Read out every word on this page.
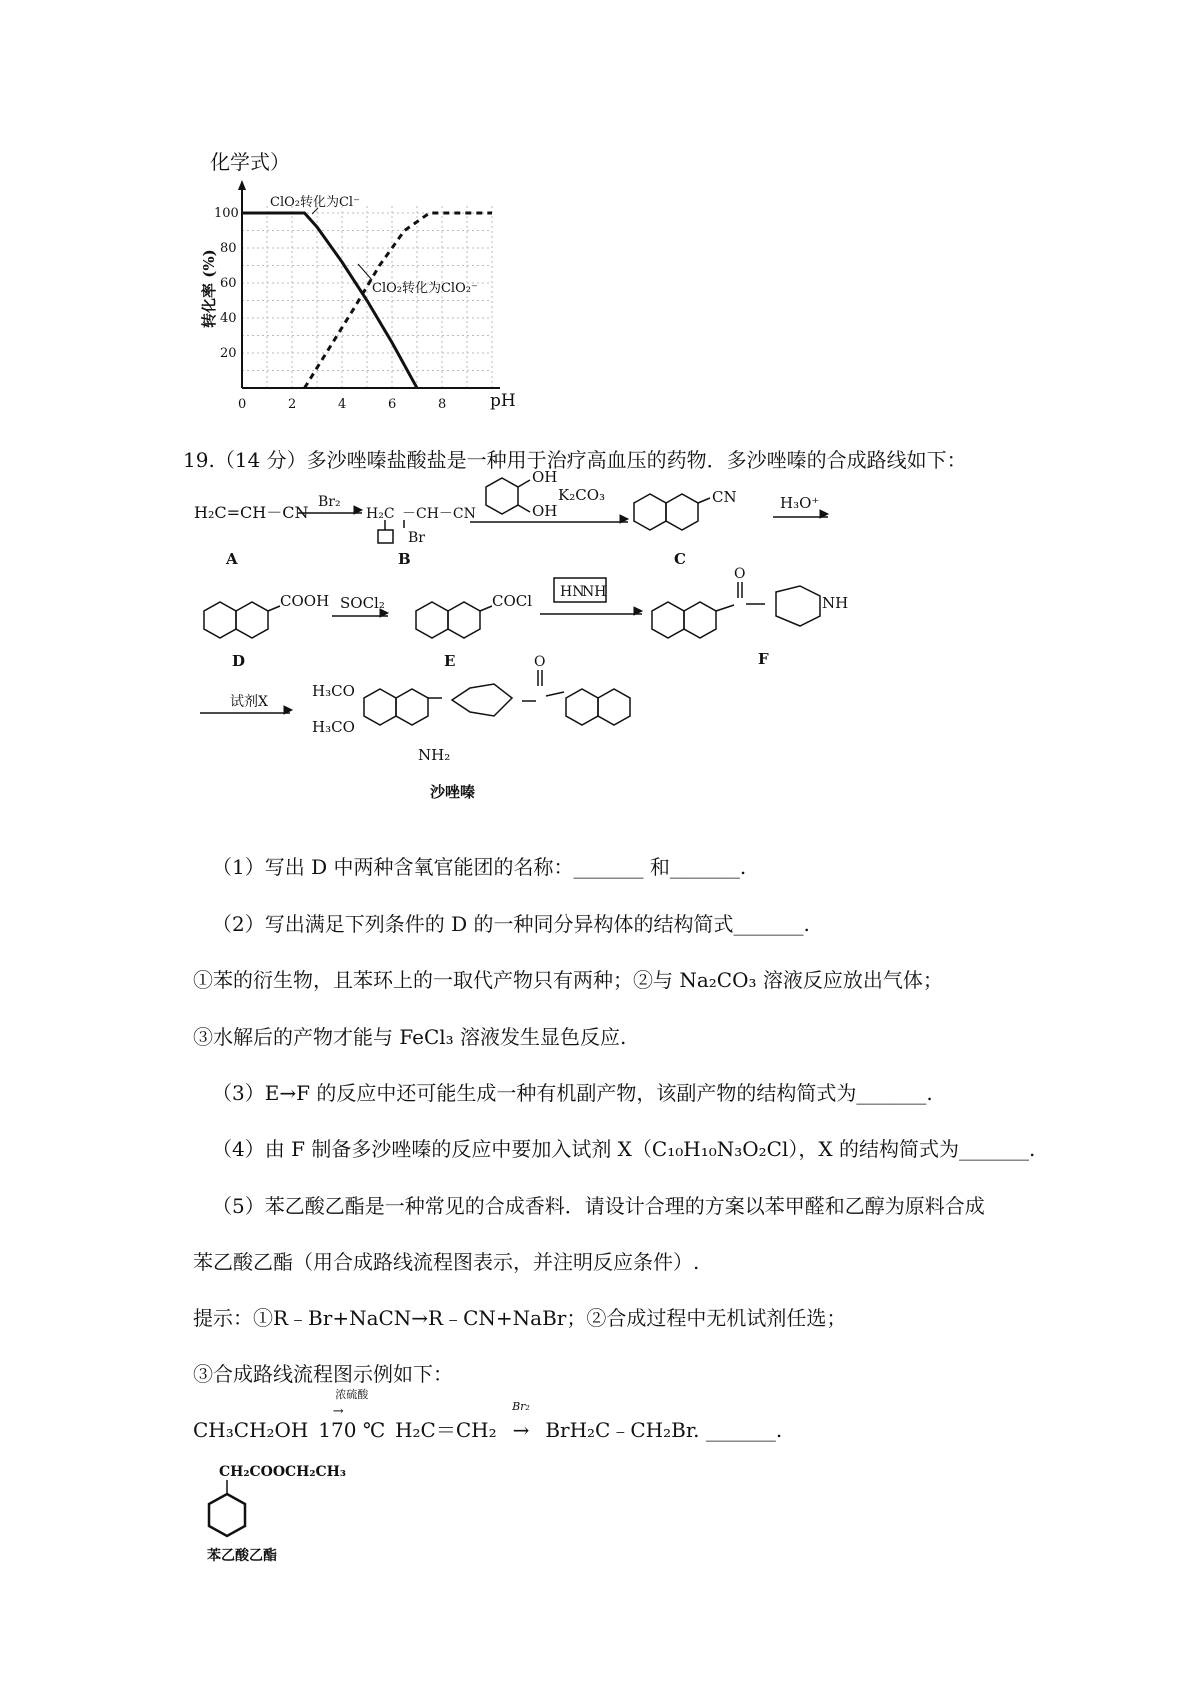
化学式）
0	2	4	6	8
20
40
60
80
100
ClO₂转化为Cl⁻
ClO₂转化为ClO₂⁻
转化率 (%)
pH
19.（14 分）多沙唑嗪盐酸盐是一种用于治疗高血压的药物．多沙唑嗪的合成路线如下：
H₂C=CH－CN
Br₂
H₂C －CH－CN
Br
OH
OH
K₂CO₃	CN	H₃O⁺
COOH SOCl₂	COCl HN
NH
O
NH
试剂X
H₃CO
H₃CO
NH₂
O
A	B	C
D	E	F
沙唑嗪
（1）写出 D 中两种含氧官能团的名称：_______ 和_______.
（2）写出满足下列条件的 D 的一种同分异构体的结构简式_______.
①苯的衍生物，且苯环上的一取代产物只有两种；②与 Na₂CO₃ 溶液反应放出气体；
③水解后的产物才能与 FeCl₃ 溶液发生显色反应.
（3）E→F 的反应中还可能生成一种有机副产物，该副产物的结构简式为_______.
（4）由 F 制备多沙唑嗪的反应中要加入试剂 X（C₁₀H₁₀N₃O₂Cl），X 的结构简式为_______.
（5）苯乙酸乙酯是一种常见的合成香料．请设计合理的方案以苯甲醛和乙醇为原料合成
苯乙酸乙酯（用合成路线流程图表示，并注明反应条件）.
提示：①R﹣Br+NaCN→R﹣CN+NaBr；②合成过程中无机试剂任选；
③合成路线流程图示例如下：
CH₃CH₂OH
浓硫酸
→
170 ℃ H₂C＝CH₂
Br₂
→ BrH₂C﹣CH₂Br. _______.
CH₂COOCH₂CH₃
苯乙酸乙酯
